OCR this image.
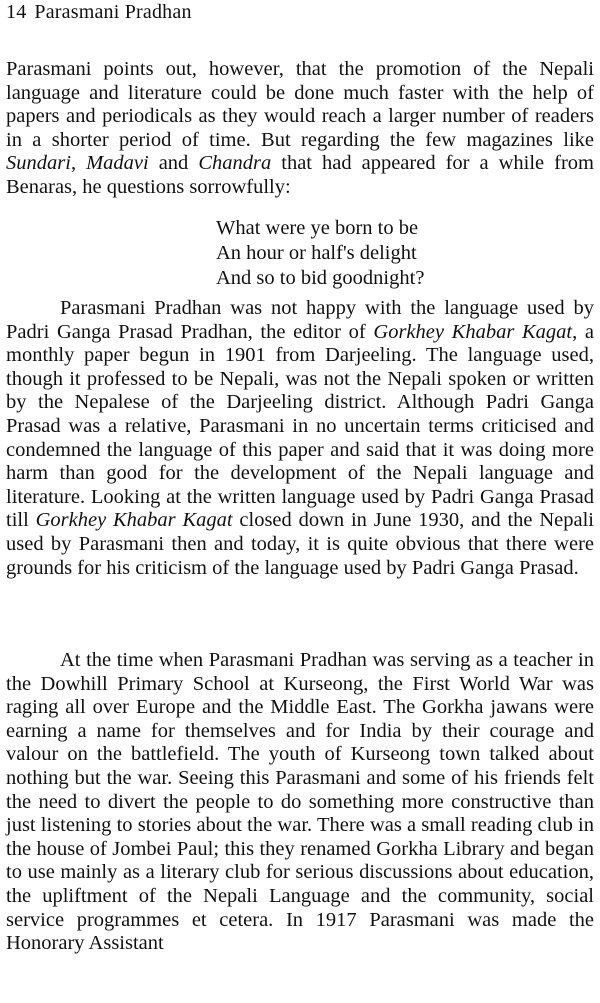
14 Parasmani Pradhan

Parasmani points out, however, that the promotion of the Nepali language and literature could be done much faster with the help of papers and periodicals as they would reach a larger number of readers in a shorter period of time. But regarding the few magazines like Sundari, Madavi and Chandra that had appeared for a while from Benaras, he questions sorrowfully:

What were ye born to be
An hour or half's delight
And so to bid goodnight?

Parasmani Pradhan was not happy with the language used by Padri Ganga Prasad Pradhan, the editor of Gorkhey Khabar Kagat, a monthly paper begun in 1901 from Darjeeling. The language used, though it professed to be Nepali, was not the Nepali spoken or written by the Nepalese of the Darjeeling district. Although Padri Ganga Prasad was a relative, Parasmani in no uncertain terms criticised and condemned the language of this paper and said that it was doing more harm than good for the development of the Nepali language and literature. Looking at the written language used by Padri Ganga Prasad till Gorkhey Khabar Kagat closed down in June 1930, and the Nepali used by Parasmani then and today, it is quite obvious that there were grounds for his criticism of the language used by Padri Ganga Prasad.

At the time when Parasmani Pradhan was serving as a teacher in the Dowhill Primary School at Kurseong, the First World War was raging all over Europe and the Middle East. The Gorkha jawans were earning a name for themselves and for India by their courage and valour on the battlefield. The youth of Kurseong town talked about nothing but the war. Seeing this Parasmani and some of his friends felt the need to divert the people to do something more constructive than just listening to stories about the war. There was a small reading club in the house of Jombei Paul; this they renamed Gorkha Library and began to use mainly as a literary club for serious discussions about education, the upliftment of the Nepali Language and the community, social service programmes et cetera. In 1917 Parasmani was made the Honorary Assistant
